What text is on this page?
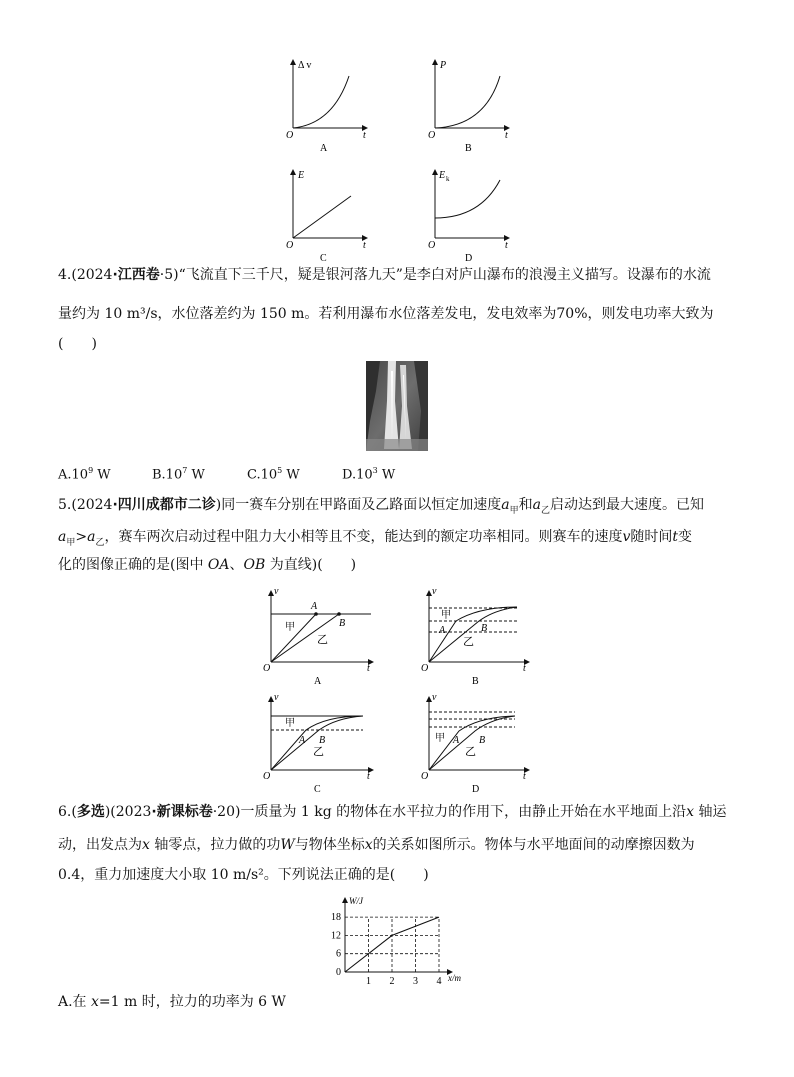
Δ v
O	t
A
P
O	t
B
E
O	t
C
E k
O	t
D
4.(2024·江西卷·5)“飞流直下三千尺，疑是银河落九天”是李白对庐山瀑布的浪漫主义描写。设瀑布的水流
量约为 10 m³/s，水位落差约为 150 m。若利用瀑布水位落差发电，发电效率为70%，则发电功率大致为
(　　)
$A.10^9$ W	$B.10^7$ W	$C.10^5$ W	$D.10^3$ W
5.(2024·四川成都市二诊)同一赛车分别在甲路面及乙路面以恒定加速度$a_甲$和$a_乙$启动达到最大速度。已知
$a_甲>a_乙$，赛车两次启动过程中阻力大小相等且不变，能达到的额定功率相同。则赛车的速度v随时间t变
化的图像正确的是(图中 OA、OB 为直线)(　　)
A
B
甲
乙
v
O	t
A
甲
A	B
乙
v
O	t
B
甲
A B
乙
v
O	t
C
甲 A B
乙
v
O	t
D
6.(多选)(2023·新课标卷·20)一质量为 1 kg 的物体在水平拉力的作用下，由静止开始在水平地面上沿x 轴运
动，出发点为x 轴零点，拉力做的功W与物体坐标x的关系如图所示。物体与水平地面间的动摩擦因数为
0.4，重力加速度大小取 10 m/s²。下列说法正确的是(　　)
0
6
12
18
1 2 3 4
W/J
x/m
A.在 x=1 m 时，拉力的功率为 6 W
